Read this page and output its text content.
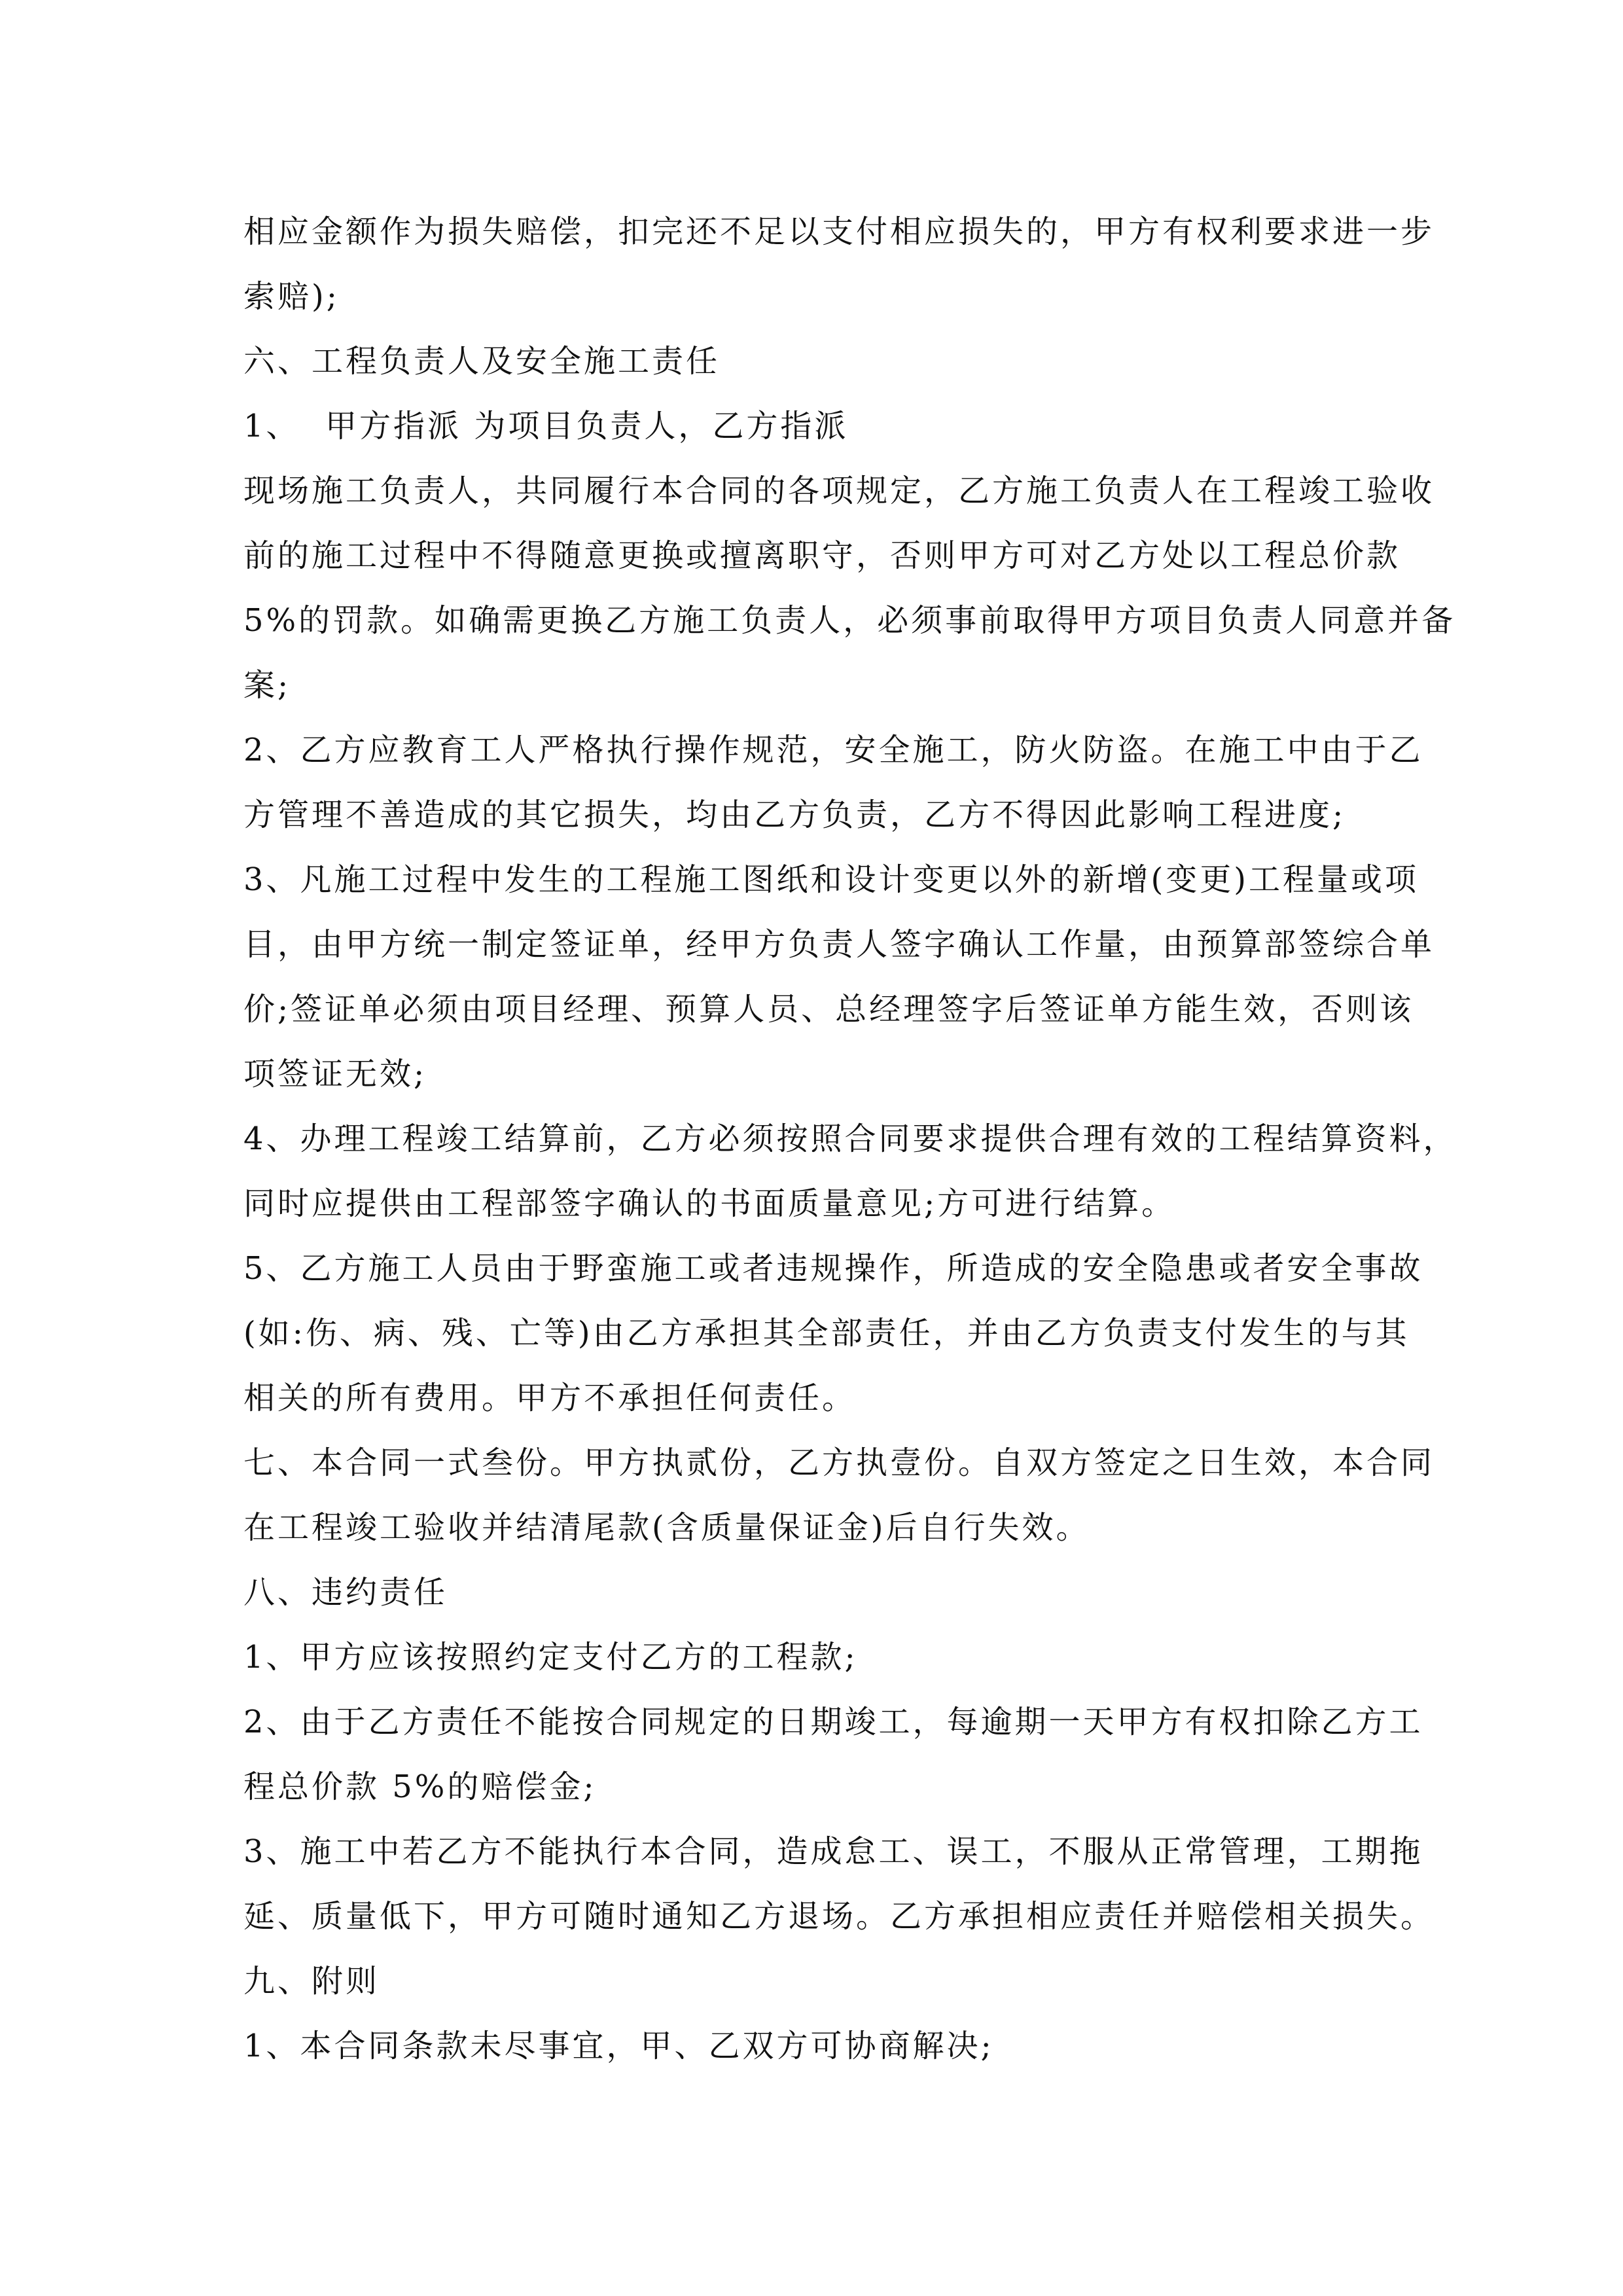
相应金额作为损失赔偿，扣完还不足以支付相应损失的，甲方有权利要求进一步
索赔);
六、工程负责人及安全施工责任
1、  甲方指派 为项目负责人，乙方指派
现场施工负责人，共同履行本合同的各项规定，乙方施工负责人在工程竣工验收
前的施工过程中不得随意更换或擅离职守，否则甲方可对乙方处以工程总价款
5%的罚款。如确需更换乙方施工负责人，必须事前取得甲方项目负责人同意并备
案;
2、乙方应教育工人严格执行操作规范，安全施工，防火防盗。在施工中由于乙
方管理不善造成的其它损失，均由乙方负责，乙方不得因此影响工程进度;
3、凡施工过程中发生的工程施工图纸和设计变更以外的新增(变更)工程量或项
目，由甲方统一制定签证单，经甲方负责人签字确认工作量，由预算部签综合单
价;签证单必须由项目经理、预算人员、总经理签字后签证单方能生效，否则该
项签证无效;
4、办理工程竣工结算前，乙方必须按照合同要求提供合理有效的工程结算资料，
同时应提供由工程部签字确认的书面质量意见;方可进行结算。
5、乙方施工人员由于野蛮施工或者违规操作，所造成的安全隐患或者安全事故
(如:伤、病、残、亡等)由乙方承担其全部责任，并由乙方负责支付发生的与其
相关的所有费用。甲方不承担任何责任。
七、本合同一式叁份。甲方执贰份，乙方执壹份。自双方签定之日生效，本合同
在工程竣工验收并结清尾款(含质量保证金)后自行失效。
八、违约责任
1、甲方应该按照约定支付乙方的工程款;
2、由于乙方责任不能按合同规定的日期竣工，每逾期一天甲方有权扣除乙方工
程总价款 5%的赔偿金;
3、施工中若乙方不能执行本合同，造成怠工、误工，不服从正常管理，工期拖
延、质量低下，甲方可随时通知乙方退场。乙方承担相应责任并赔偿相关损失。
九、附则
1、本合同条款未尽事宜，甲、乙双方可协商解决;
